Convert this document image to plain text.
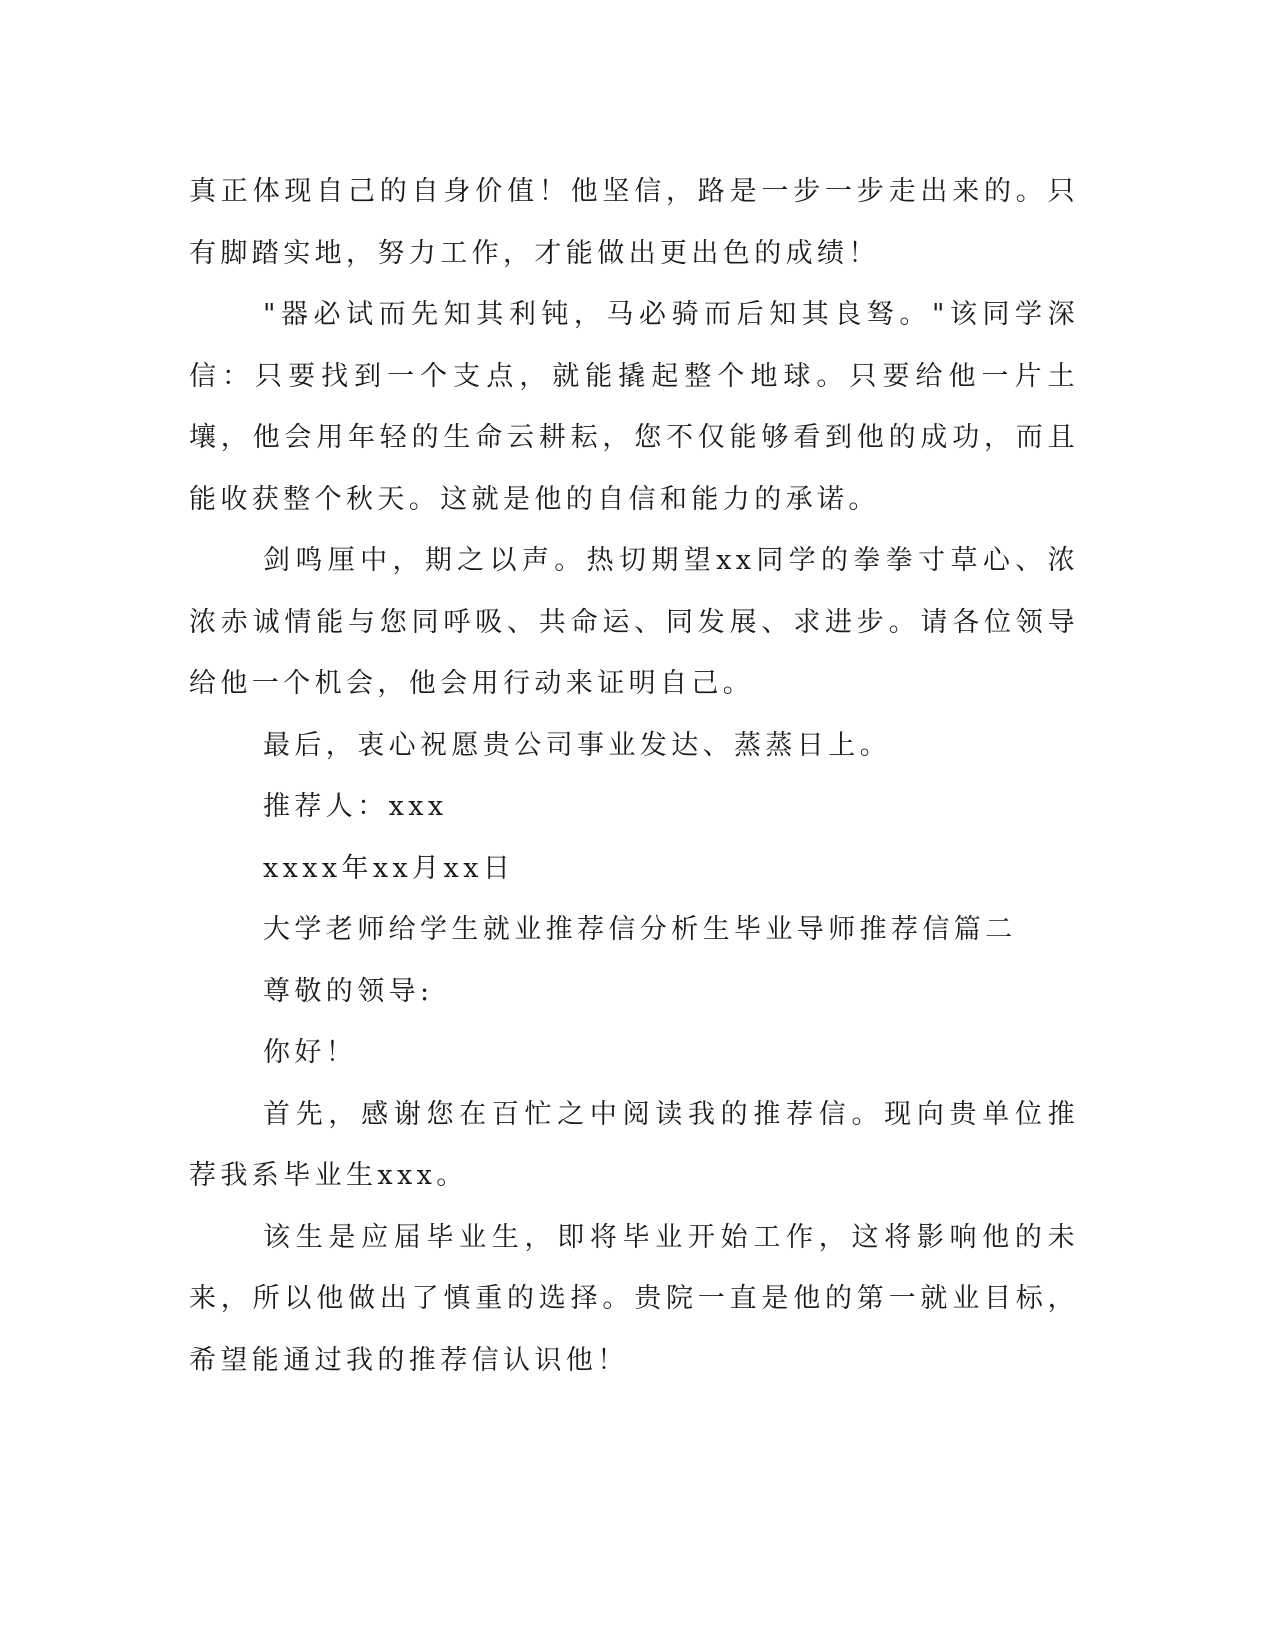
真正体现自己的自身价值！他坚信，路是一步一步走出来的。只有脚踏实地，努力工作，才能做出更出色的成绩！

"器必试而先知其利钝，马必骑而后知其良驽。"该同学深信：只要找到一个支点，就能撬起整个地球。只要给他一片土壤，他会用年轻的生命云耕耘，您不仅能够看到他的成功，而且能收获整个秋天。这就是他的自信和能力的承诺。

剑鸣厘中，期之以声。热切期望xx同学的拳拳寸草心、浓浓赤诚情能与您同呼吸、共命运、同发展、求进步。请各位领导给他一个机会，他会用行动来证明自己。

最后，衷心祝愿贵公司事业发达、蒸蒸日上。

推荐人：xxx

xxxx年xx月xx日

大学老师给学生就业推荐信分析生毕业导师推荐信篇二

尊敬的领导:

你好！

首先，感谢您在百忙之中阅读我的推荐信。现向贵单位推荐我系毕业生xxx。

该生是应届毕业生，即将毕业开始工作，这将影响他的未来，所以他做出了慎重的选择。贵院一直是他的第一就业目标，希望能通过我的推荐信认识他！
